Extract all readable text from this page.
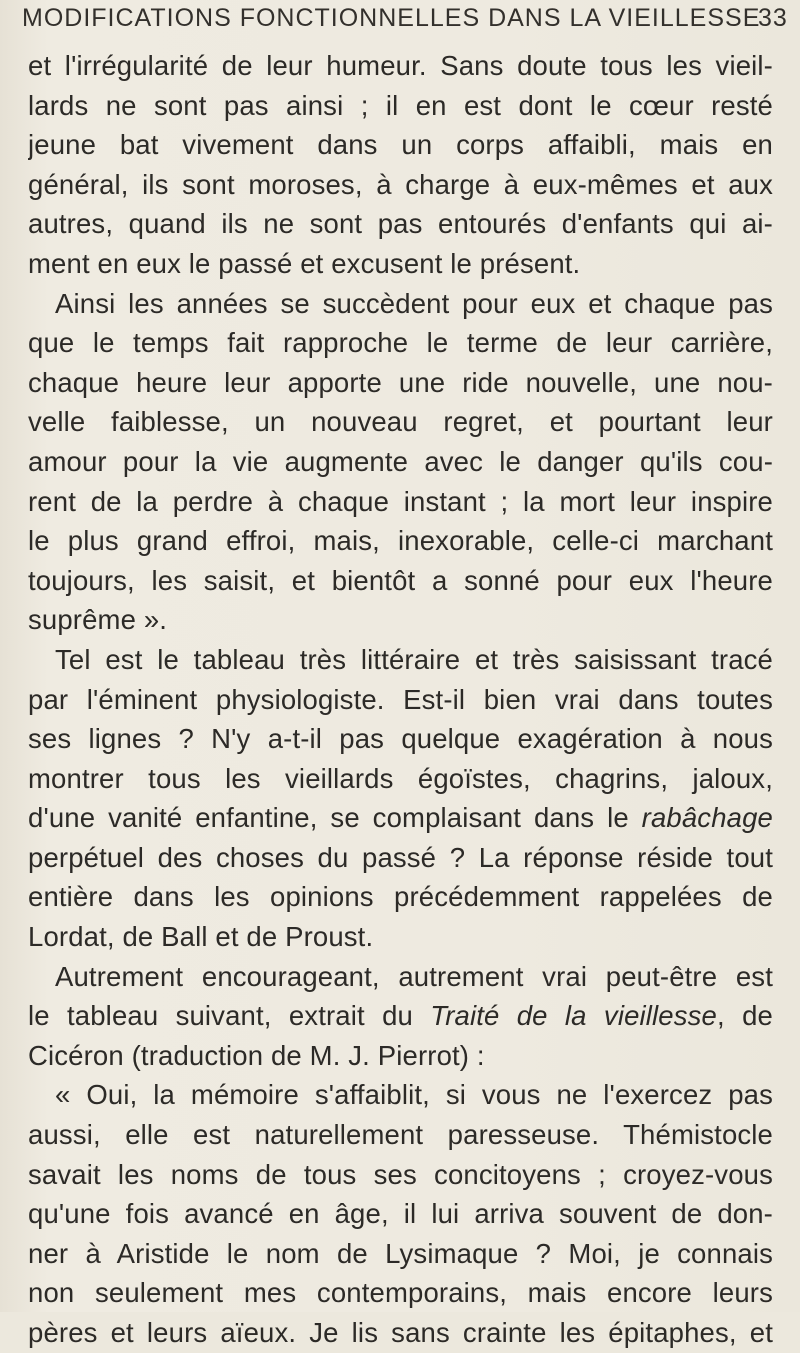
MODIFICATIONS FONCTIONNELLES DANS LA VIEILLESSE
33
et l'irrégularité de leur humeur. Sans doute tous les vieil-
lards ne sont pas ainsi ; il en est dont le cœur resté
jeune bat vivement dans un corps affaibli, mais en
général, ils sont moroses, à charge à eux-mêmes et aux
autres, quand ils ne sont pas entourés d'enfants qui ai-
ment en eux le passé et excusent le présent.
Ainsi les années se succèdent pour eux et chaque pas
que le temps fait rapproche le terme de leur carrière,
chaque heure leur apporte une ride nouvelle, une nou-
velle faiblesse, un nouveau regret, et pourtant leur
amour pour la vie augmente avec le danger qu'ils cou-
rent de la perdre à chaque instant ; la mort leur inspire
le plus grand effroi, mais, inexorable, celle-ci marchant
toujours, les saisit, et bientôt a sonné pour eux l'heure
suprême ».
Tel est le tableau très littéraire et très saisissant tracé
par l'éminent physiologiste. Est-il bien vrai dans toutes
ses lignes ? N'y a-t-il pas quelque exagération à nous
montrer tous les vieillards égoïstes, chagrins, jaloux,
d'une vanité enfantine, se complaisant dans le rabâchage
perpétuel des choses du passé ? La réponse réside tout
entière dans les opinions précédemment rappelées de
Lordat, de Ball et de Proust.
Autrement encourageant, autrement vrai peut-être est
le tableau suivant, extrait du Traité de la vieillesse, de
Cicéron (traduction de M. J. Pierrot) :
« Oui, la mémoire s'affaiblit, si vous ne l'exercez pas
aussi, elle est naturellement paresseuse. Thémistocle
savait les noms de tous ses concitoyens ; croyez-vous
qu'une fois avancé en âge, il lui arriva souvent de don-
ner à Aristide le nom de Lysimaque ? Moi, je connais
non seulement mes contemporains, mais encore leurs
pères et leurs aïeux. Je lis sans crainte les épitaphes, et
